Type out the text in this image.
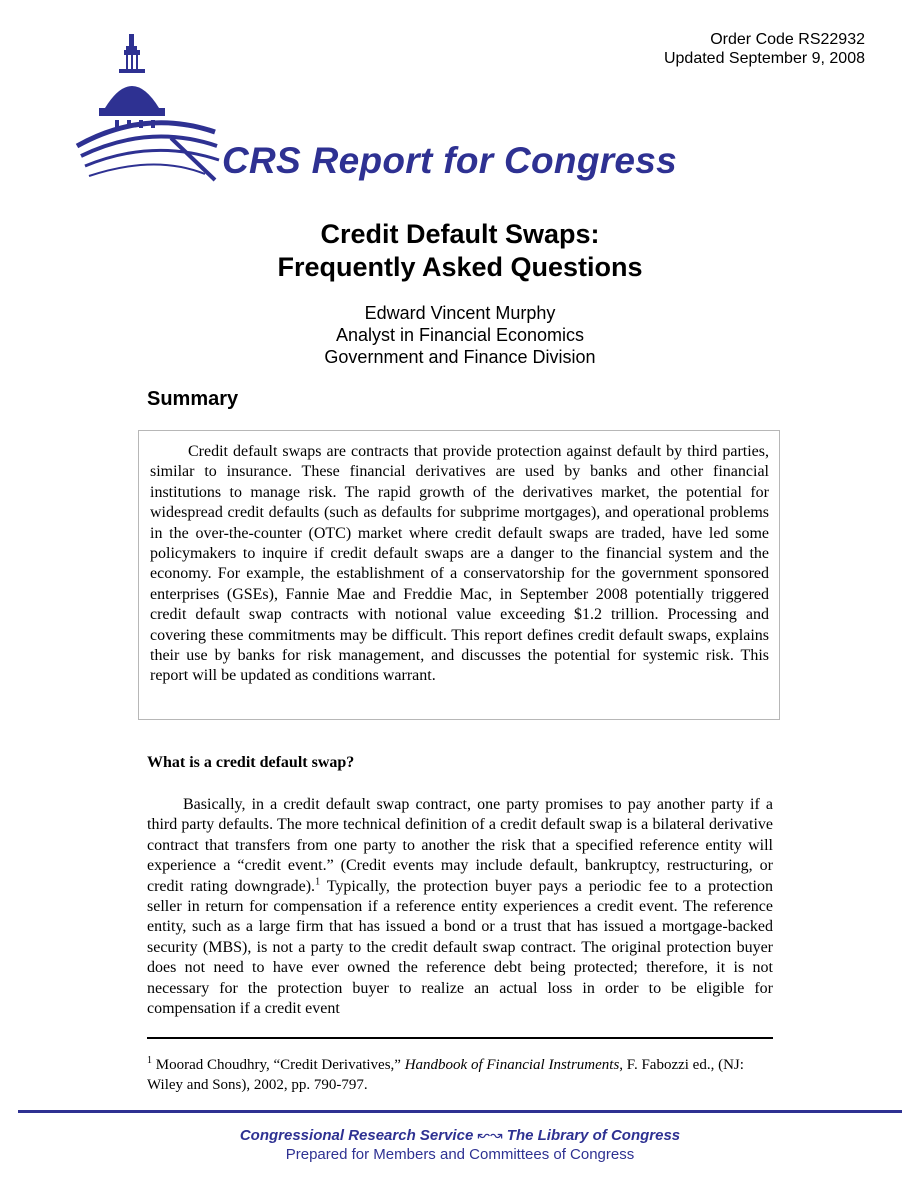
Order Code RS22932
Updated September 9, 2008
CRS Report for Congress
Credit Default Swaps:
Frequently Asked Questions
Edward Vincent Murphy
Analyst in Financial Economics
Government and Finance Division
Summary

Credit default swaps are contracts that provide protection against default by third parties, similar to insurance. These financial derivatives are used by banks and other financial institutions to manage risk. The rapid growth of the derivatives market, the potential for widespread credit defaults (such as defaults for subprime mortgages), and operational problems in the over-the-counter (OTC) market where credit default swaps are traded, have led some policymakers to inquire if credit default swaps are a danger to the financial system and the economy. For example, the establishment of a conservatorship for the government sponsored enterprises (GSEs), Fannie Mae and Freddie Mac, in September 2008 potentially triggered credit default swap contracts with notional value exceeding $1.2 trillion. Processing and covering these commitments may be difficult. This report defines credit default swaps, explains their use by banks for risk management, and discusses the potential for systemic risk. This report will be updated as conditions warrant.

What is a credit default swap?

Basically, in a credit default swap contract, one party promises to pay another party if a third party defaults. The more technical definition of a credit default swap is a bilateral derivative contract that transfers from one party to another the risk that a specified reference entity will experience a “credit event.” (Credit events may include default, bankruptcy, restructuring, or credit rating downgrade).$^1$ Typically, the protection buyer pays a periodic fee to a protection seller in return for compensation if a reference entity experiences a credit event. The reference entity, such as a large firm that has issued a bond or a trust that has issued a mortgage-backed security (MBS), is not a party to the credit default swap contract. The original protection buyer does not need to have ever owned the reference debt being protected; therefore, it is not necessary for the protection buyer to realize an actual loss in order to be eligible for compensation if a credit event

$^1$ Moorad Choudhry, “Credit Derivatives,” Handbook of Financial Instruments, F. Fabozzi ed., (NJ: Wiley and Sons), 2002, pp. 790-797.

Congressional Research Service ↜↝ The Library of Congress
Prepared for Members and Committees of Congress
